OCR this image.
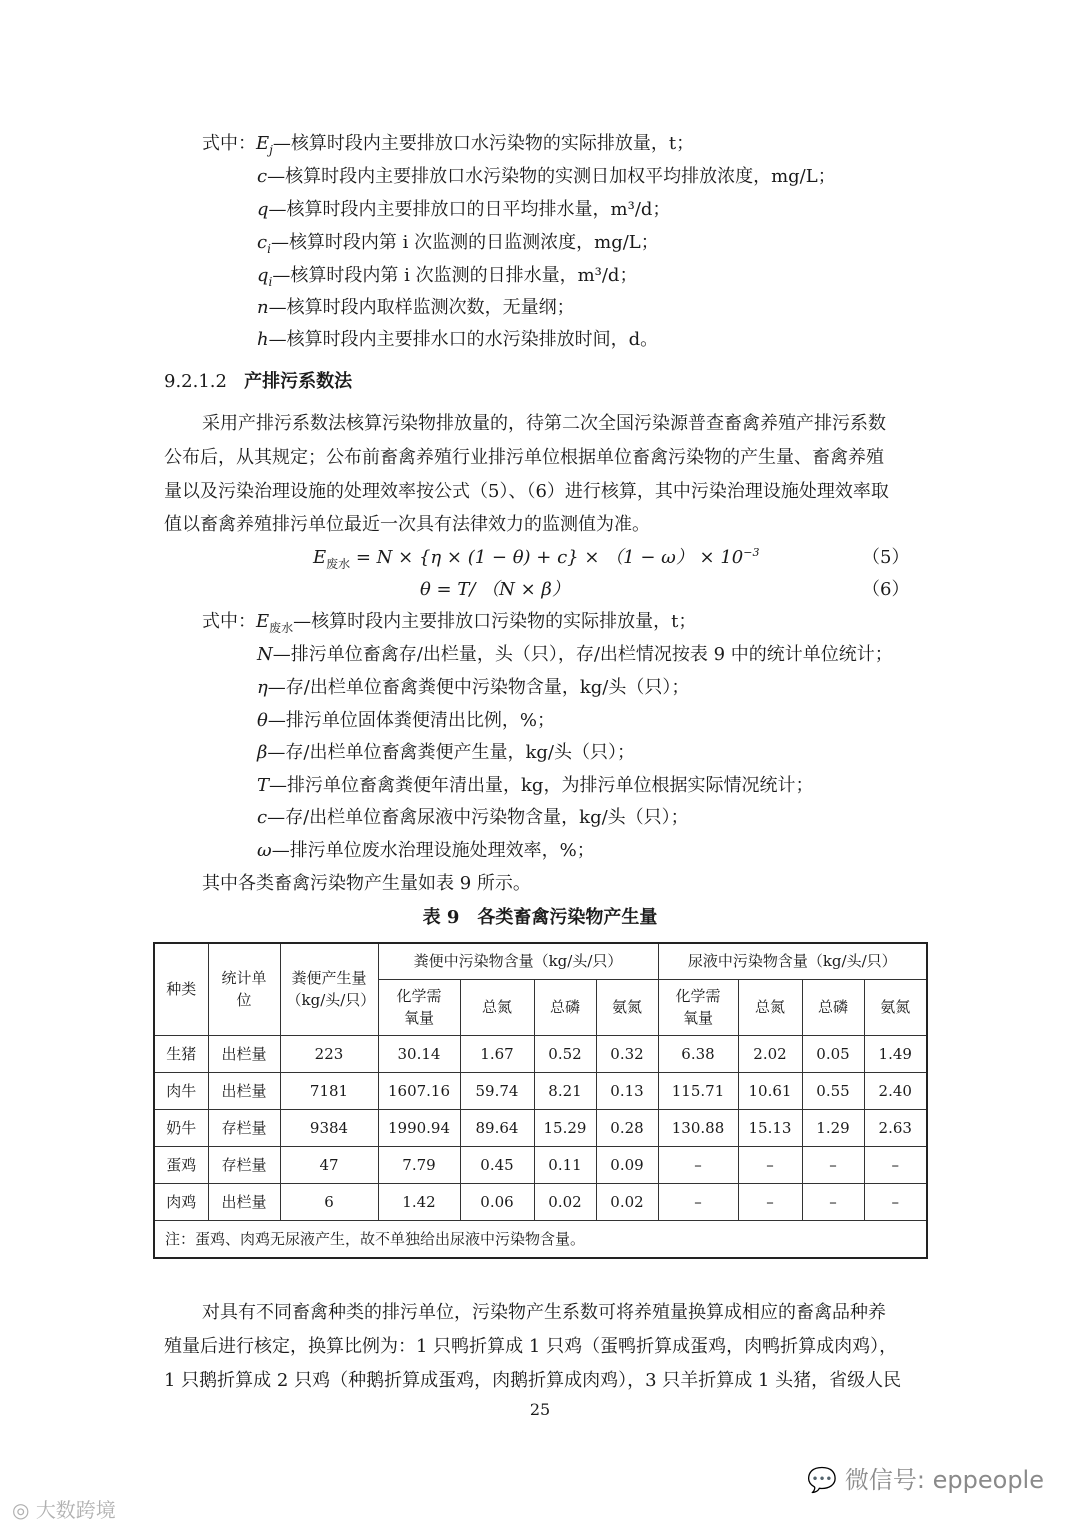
式中：$E_j—$核算时段内主要排放口水污染物的实际排放量，t；
c—核算时段内主要排放口水污染物的实测日加权平均排放浓度，mg/L；
q—核算时段内主要排放口的日平均排水量，m³/d；
$c_i—$核算时段内第 i 次监测的日监测浓度，mg/L；
$q_i—$核算时段内第 i 次监测的日排水量，m³/d；
n—核算时段内取样监测次数，无量纲；
h—核算时段内主要排水口的水污染排放时间，d。
9.2.1.2 产排污系数法
采用产排污系数法核算污染物排放量的，待第二次全国污染源普查畜禽养殖产排污系数
公布后，从其规定；公布前畜禽养殖行业排污单位根据单位畜禽污染物的产生量、畜禽养殖
量以及污染治理设施的处理效率按公式（5）、（6）进行核算，其中污染治理设施处理效率取
值以畜禽养殖排污单位最近一次具有法律效力的监测值为准。
$E_{废水} = N \times \{\eta \times (1 - \theta) + c\} \times (1 - \omega) \times 10^{-3}$	（5）
θ = T/ （N × β）	（6）
式中：$E_{废水}—$核算时段内主要排放口污染物的实际排放量，t；
N—排污单位畜禽存/出栏量，头（只），存/出栏情况按表 9 中的统计单位统计；
η—存/出栏单位畜禽粪便中污染物含量，kg/头（只）；
θ—排污单位固体粪便清出比例，%；
β—存/出栏单位畜禽粪便产生量，kg/头（只）；
T—排污单位畜禽粪便年清出量，kg，为排污单位根据实际情况统计；
c—存/出栏单位畜禽尿液中污染物含量，kg/头（只）；
ω—排污单位废水治理设施处理效率，%；
其中各类畜禽污染物产生量如表 9 所示。
表 9　各类畜禽污染物产生量
种类	统计单位	粪便产生量（kg/头/只）	粪便中污染物含量（kg/头/只）				尿液中污染物含量（kg/头/只）			
			化学需氧量	总氮	总磷	氨氮	化学需氧量	总氮	总磷	氨氮
生猪	出栏量	223	30.14	1.67	0.52	0.32	6.38	2.02	0.05	1.49
肉牛	出栏量	7181	1607.16	59.74	8.21	0.13	115.71	10.61	0.55	2.40
奶牛	存栏量	9384	1990.94	89.64	15.29	0.28	130.88	15.13	1.29	2.63
蛋鸡	存栏量	47	7.79	0.45	0.11	0.09	–	–	–	–
肉鸡	出栏量	6	1.42	0.06	0.02	0.02	–	–	–	–
注：蛋鸡、肉鸡无尿液产生，故不单独给出尿液中污染物含量。										
对具有不同畜禽种类的排污单位，污染物产生系数可将养殖量换算成相应的畜禽品种养
殖量后进行核定，换算比例为：1 只鸭折算成 1 只鸡（蛋鸭折算成蛋鸡，肉鸭折算成肉鸡），
1 只鹅折算成 2 只鸡（种鹅折算成蛋鸡，肉鹅折算成肉鸡），3 只羊折算成 1 头猪，省级人民
25
💬 微信号: eppeople
◎ 大数跨境
